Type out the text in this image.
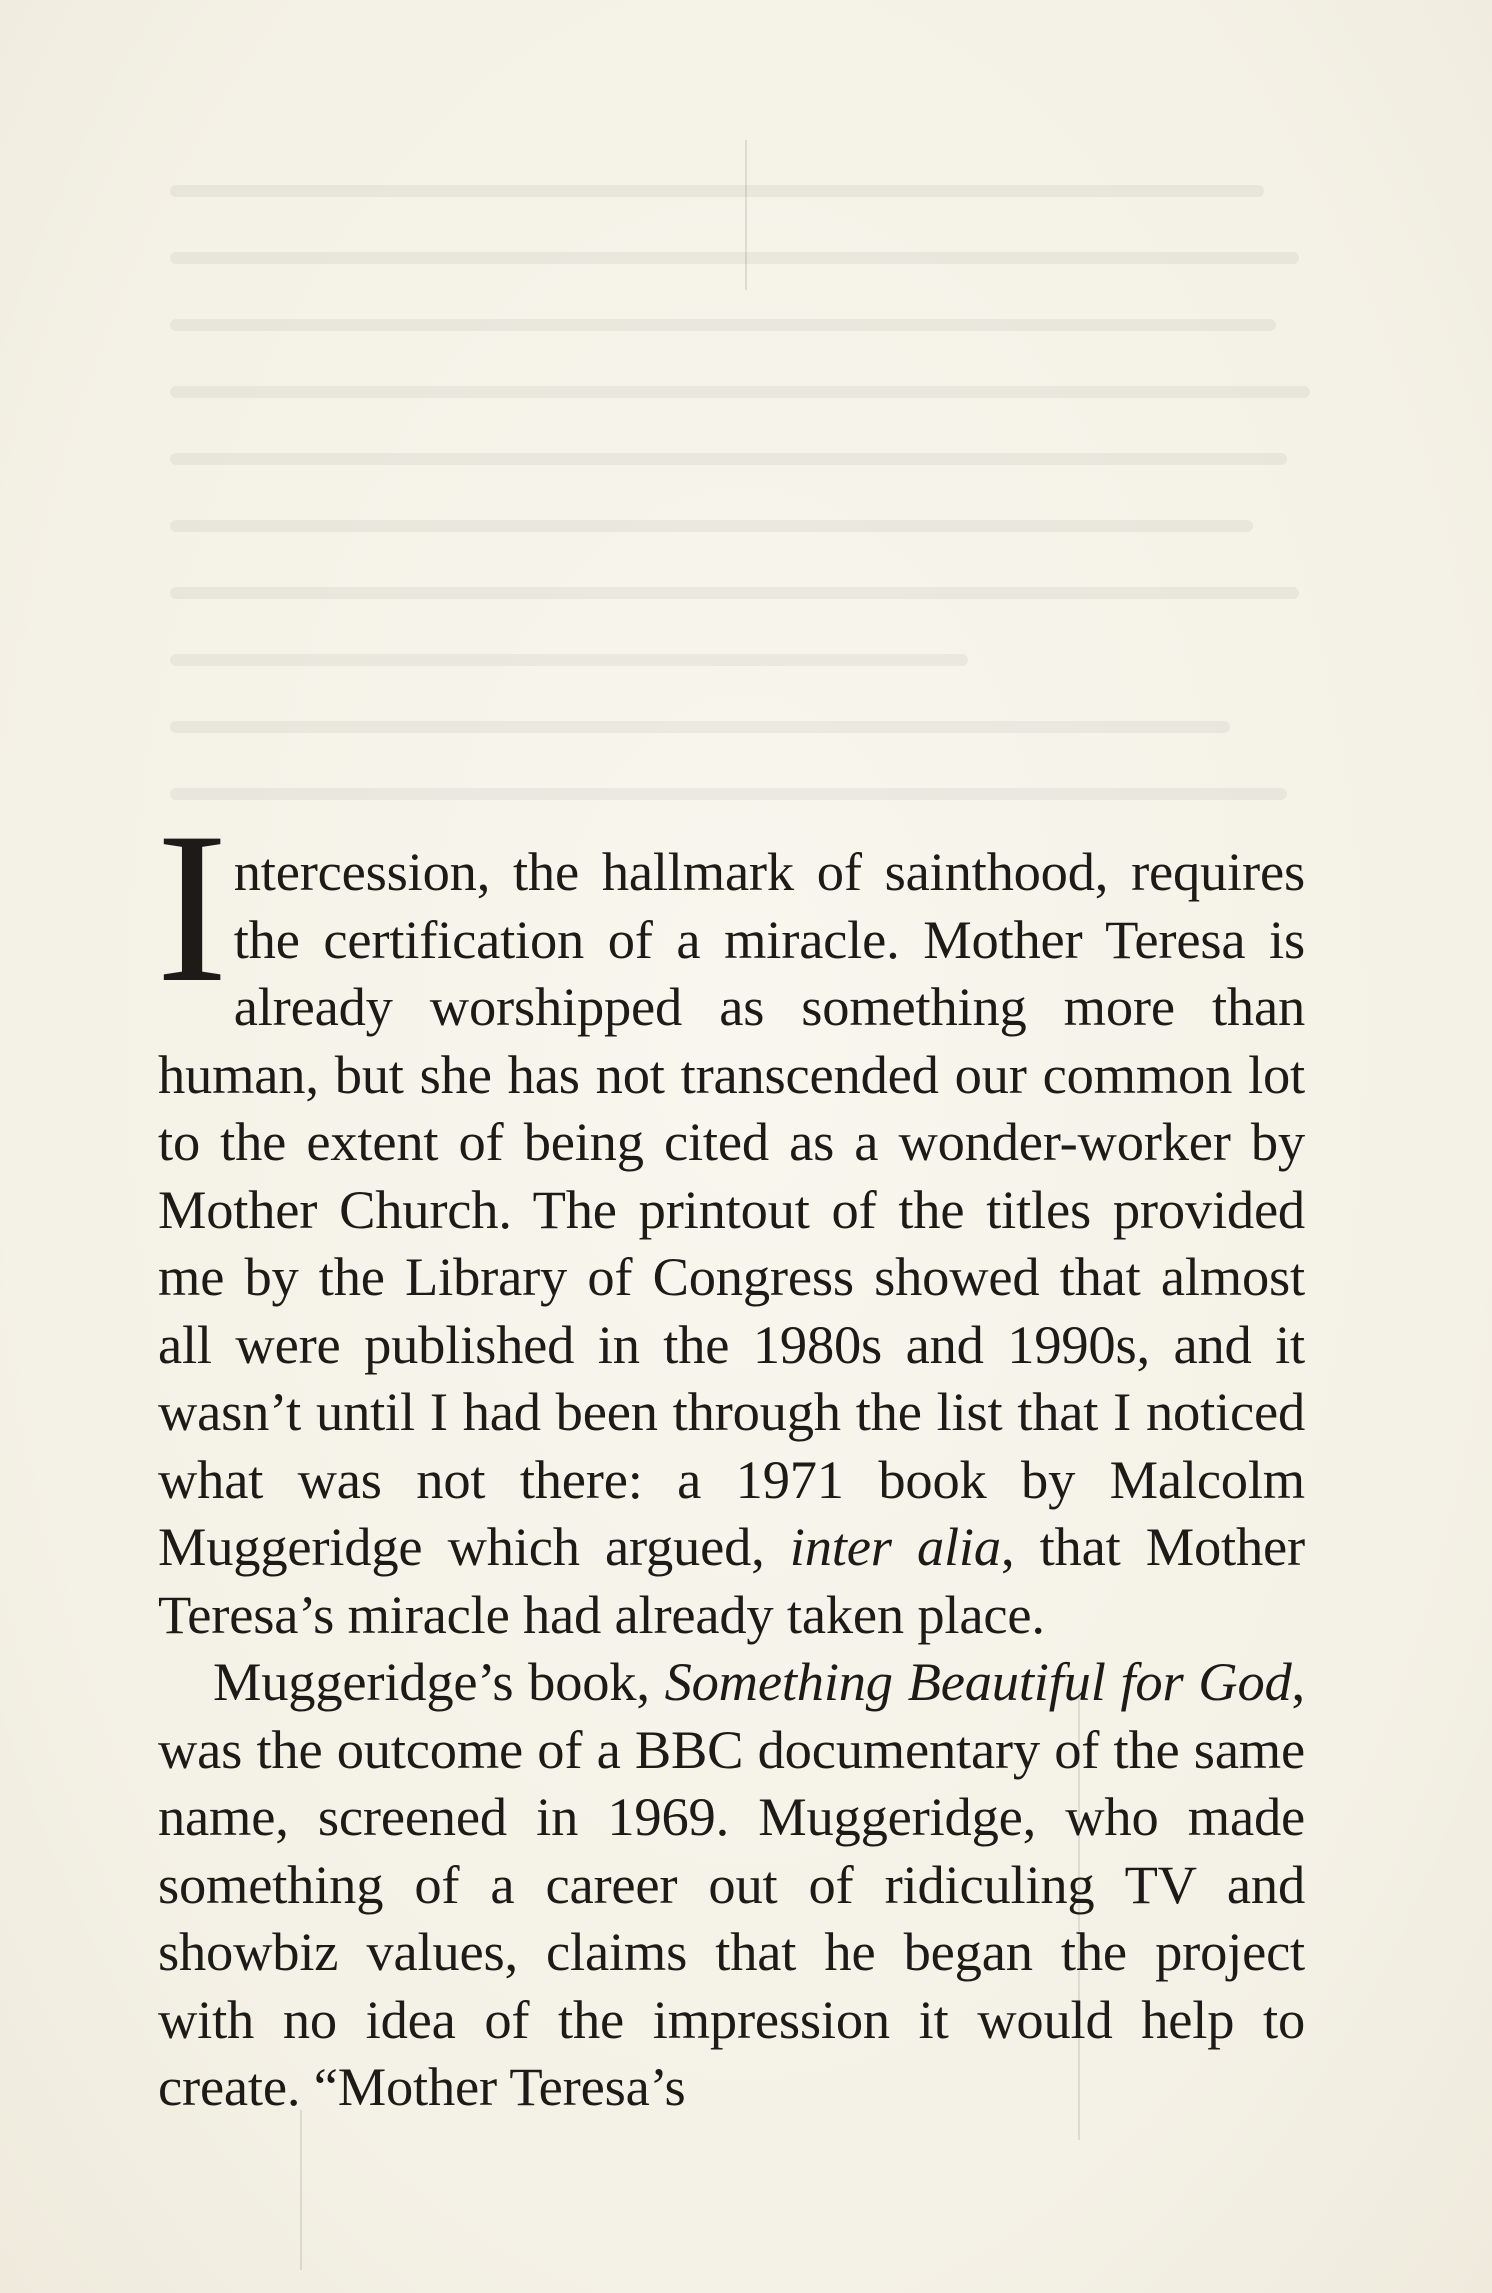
Intercession, the hallmark of sainthood, requires the certification of a miracle. Mother Teresa is already worshipped as something more than human, but she has not transcended our common lot to the extent of being cited as a wonder-worker by Mother Church. The printout of the titles provided me by the Library of Congress showed that almost all were published in the 1980s and 1990s, and it wasn’t until I had been through the list that I noticed what was not there: a 1971 book by Malcolm Muggeridge which argued, inter alia, that Mother Teresa’s miracle had already taken place.

Muggeridge’s book, Something Beautiful for God, was the outcome of a BBC documentary of the same name, screened in 1969. Muggeridge, who made something of a career out of ridiculing TV and showbiz values, claims that he began the project with no idea of the impression it would help to create. “Mother Teresa’s
